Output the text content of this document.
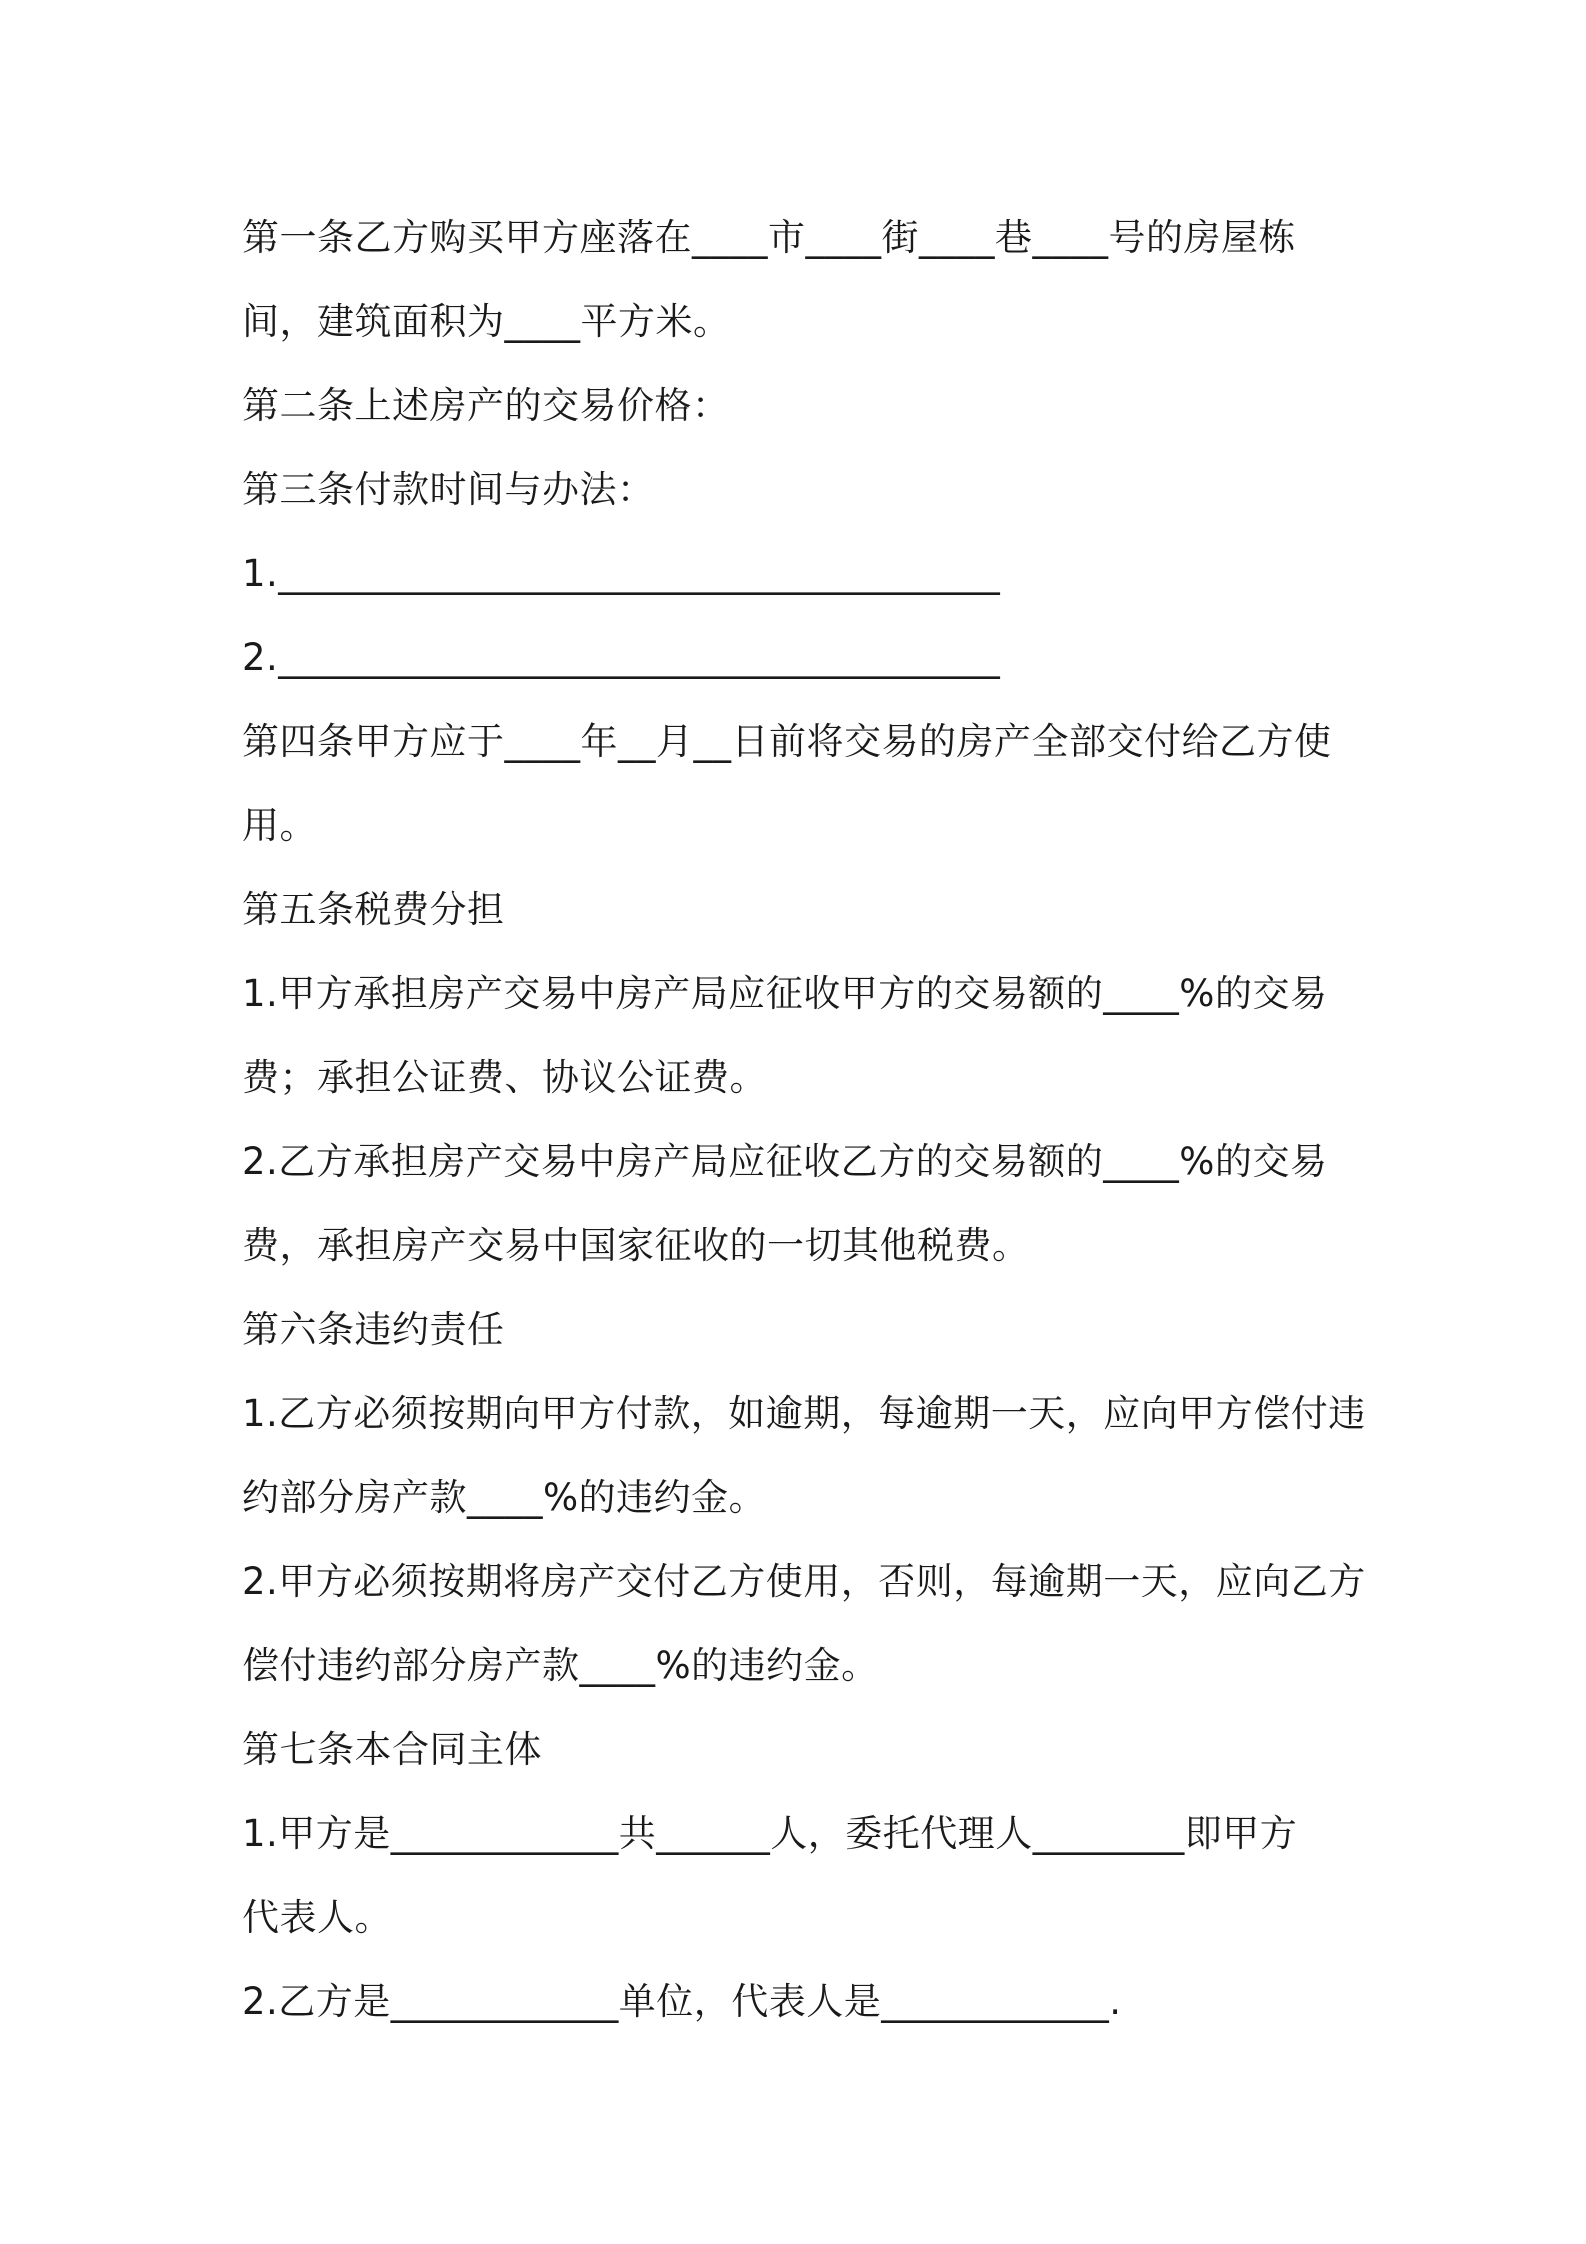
第一条乙方购买甲方座落在____市____街____巷____号的房屋栋
间，建筑面积为____平方米。
第二条上述房产的交易价格：
第三条付款时间与办法：
1.______________________________________
2.______________________________________
第四条甲方应于____年__月__日前将交易的房产全部交付给乙方使
用。
第五条税费分担
1.甲方承担房产交易中房产局应征收甲方的交易额的____%的交易
费；承担公证费、协议公证费。
2.乙方承担房产交易中房产局应征收乙方的交易额的____%的交易
费，承担房产交易中国家征收的一切其他税费。
第六条违约责任
1.乙方必须按期向甲方付款，如逾期，每逾期一天，应向甲方偿付违
约部分房产款____%的违约金。
2.甲方必须按期将房产交付乙方使用，否则，每逾期一天，应向乙方
偿付违约部分房产款____%的违约金。
第七条本合同主体
1.甲方是____________共______人，委托代理人________即甲方
代表人。
2.乙方是____________单位，代表人是____________.
